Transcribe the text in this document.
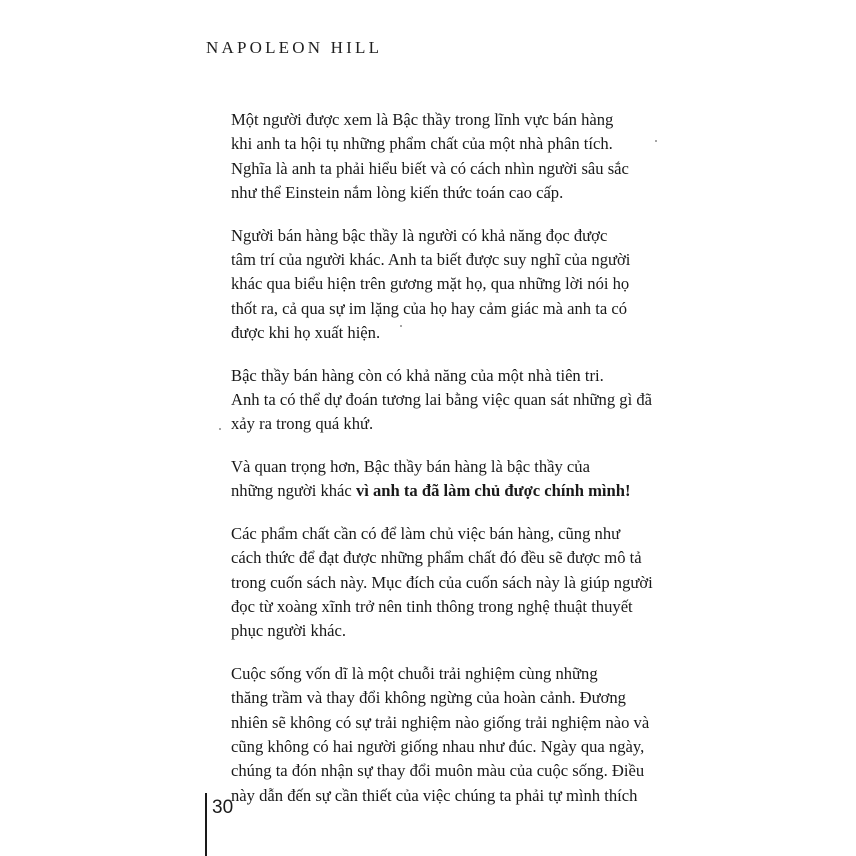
NAPOLEON HILL
Một người được xem là Bậc thầy trong lĩnh vực bán hàng
khi anh ta hội tụ những phẩm chất của một nhà phân tích.
Nghĩa là anh ta phải hiểu biết và có cách nhìn người sâu sắc
như thể Einstein nắm lòng kiến thức toán cao cấp.
Người bán hàng bậc thầy là người có khả năng đọc được
tâm trí của người khác. Anh ta biết được suy nghĩ của người
khác qua biểu hiện trên gương mặt họ, qua những lời nói họ
thốt ra, cả qua sự im lặng của họ hay cảm giác mà anh ta có
được khi họ xuất hiện.
Bậc thầy bán hàng còn có khả năng của một nhà tiên tri.
Anh ta có thể dự đoán tương lai bằng việc quan sát những gì đã
xảy ra trong quá khứ.
Và quan trọng hơn, Bậc thầy bán hàng là bậc thầy của
những người khác vì anh ta đã làm chủ được chính mình!
Các phẩm chất cần có để làm chủ việc bán hàng, cũng như
cách thức để đạt được những phẩm chất đó đều sẽ được mô tả
trong cuốn sách này. Mục đích của cuốn sách này là giúp người
đọc từ xoàng xĩnh trở nên tinh thông trong nghệ thuật thuyết
phục người khác.
Cuộc sống vốn dĩ là một chuỗi trải nghiệm cùng những
thăng trầm và thay đổi không ngừng của hoàn cảnh. Đương
nhiên sẽ không có sự trải nghiệm nào giống trải nghiệm nào và
cũng không có hai người giống nhau như đúc. Ngày qua ngày,
chúng ta đón nhận sự thay đổi muôn màu của cuộc sống. Điều
này dẫn đến sự cần thiết của việc chúng ta phải tự mình thích
30
